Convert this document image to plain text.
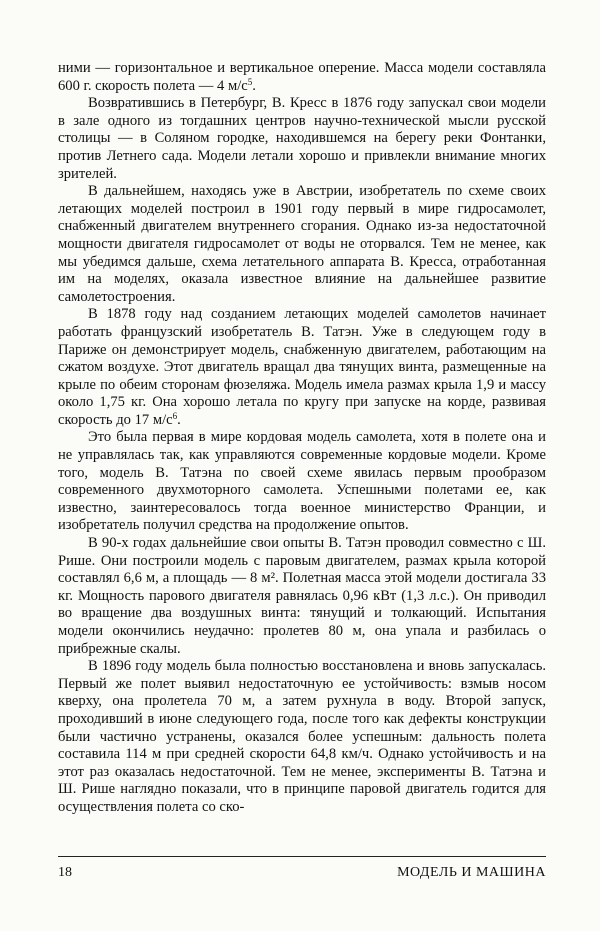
ними — горизонтальное и вертикальное оперение. Масса модели составляла 600 г. скорость полета — 4 $м/с^5$.

Возвратившись в Петербург, В. Кресс в 1876 году запускал свои модели в зале одного из тогдашних центров научно-технической мысли русской столицы — в Соляном городке, находившемся на берегу реки Фонтанки, против Летнего сада. Модели летали хорошо и привлекли внимание многих зрителей.

В дальнейшем, находясь уже в Австрии, изобретатель по схеме своих летающих моделей построил в 1901 году первый в мире гидросамолет, снабженный двигателем внутреннего сгорания. Однако из-за недостаточной мощности двигателя гидросамолет от воды не оторвался. Тем не менее, как мы убедимся дальше, схема летательного аппарата В. Кресса, отработанная им на моделях, оказала известное влияние на дальнейшее развитие самолетостроения.

В 1878 году над созданием летающих моделей самолетов начинает работать французский изобретатель В. Татэн. Уже в следующем году в Париже он демонстрирует модель, снабженную двигателем, работающим на сжатом воздухе. Этот двигатель вращал два тянущих винта, размещенные на крыле по обеим сторонам фюзеляжа. Модель имела размах крыла 1,9 и массу около 1,75 кг. Она хорошо летала по кругу при запуске на корде, развивая скорость до 17 $м/с^6$.

Это была первая в мире кордовая модель самолета, хотя в полете она и не управлялась так, как управляются современные кордовые модели. Кроме того, модель В. Татэна по своей схеме явилась первым прообразом современного двухмоторного самолета. Успешными полетами ее, как известно, заинтересовалось тогда военное министерство Франции, и изобретатель получил средства на продолжение опытов.

В 90-х годах дальнейшие свои опыты В. Татэн проводил совместно с Ш. Рише. Они построили модель с паровым двигателем, размах крыла которой составлял 6,6 м, а площадь — 8 м². Полетная масса этой модели достигала 33 кг. Мощность парового двигателя равнялась 0,96 кВт (1,3 л.с.). Он приводил во вращение два воздушных винта: тянущий и толкающий. Испытания модели окончились неудачно: пролетев 80 м, она упала и разбилась о прибрежные скалы.

В 1896 году модель была полностью восстановлена и вновь запускалась. Первый же полет выявил недостаточную ее устойчивость: взмыв носом кверху, она пролетела 70 м, а затем рухнула в воду. Второй запуск, проходивший в июне следующего года, после того как дефекты конструкции были частично устранены, оказался более успешным: дальность полета составила 114 м при средней скорости 64,8 км/ч. Однако устойчивость и на этот раз оказалась недостаточной. Тем не менее, эксперименты В. Татэна и Ш. Рише наглядно показали, что в принципе паровой двигатель годится для осуществления полета со ско-

18	МОДЕЛЬ И МАШИНА
